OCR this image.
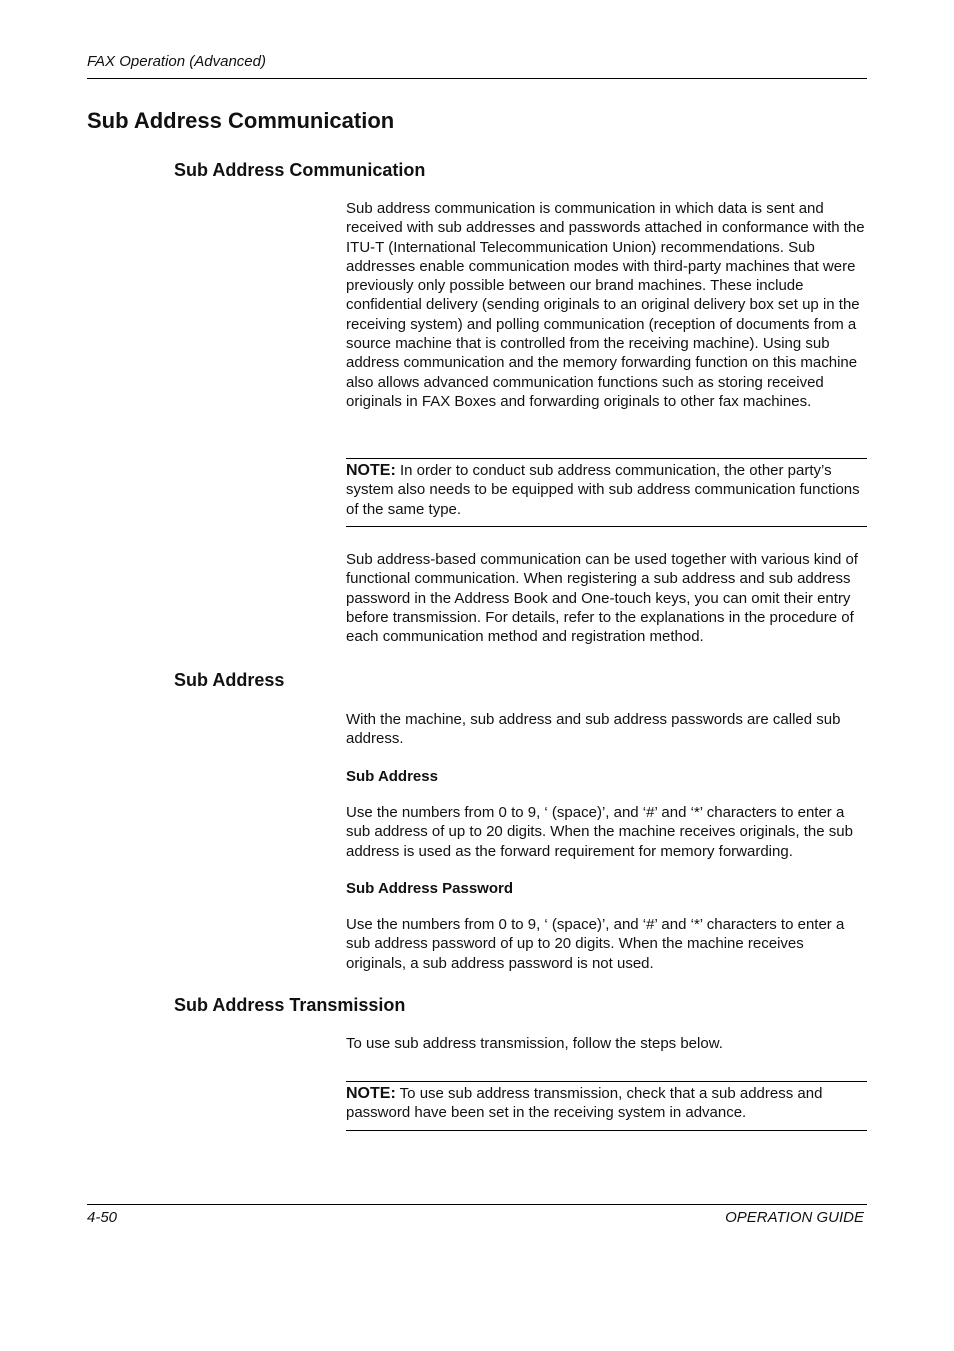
FAX Operation (Advanced)
Sub Address Communication
Sub Address Communication

Sub address communication is communication in which data is sent and received with sub addresses and passwords attached in conformance with the ITU-T (International Telecommunication Union) recommendations. Sub addresses enable communication modes with third-party machines that were previously only possible between our brand machines. These include confidential delivery (sending originals to an original delivery box set up in the receiving system) and polling communication (reception of documents from a source machine that is controlled from the receiving machine). Using sub address communication and the memory forwarding function on this machine also allows advanced communication functions such as storing received originals in FAX Boxes and forwarding originals to other fax machines.

NOTE: In order to conduct sub address communication, the other party’s system also needs to be equipped with sub address communication functions of the same type.

Sub address-based communication can be used together with various kind of functional communication. When registering a sub address and sub address password in the Address Book and One-touch keys, you can omit their entry before transmission. For details, refer to the explanations in the procedure of each communication method and registration method.

Sub Address

With the machine, sub address and sub address passwords are called sub address.

Sub Address

Use the numbers from 0 to 9, ‘ (space)’, and ‘#’ and ‘*’ characters to enter a sub address of up to 20 digits. When the machine receives originals, the sub address is used as the forward requirement for memory forwarding.

Sub Address Password

Use the numbers from 0 to 9, ‘ (space)’, and ‘#’ and ‘*’ characters to enter a sub address password of up to 20 digits. When the machine receives originals, a sub address password is not used.

Sub Address Transmission

To use sub address transmission, follow the steps below.

NOTE: To use sub address transmission, check that a sub address and password have been set in the receiving system in advance.

4-50	OPERATION GUIDE
